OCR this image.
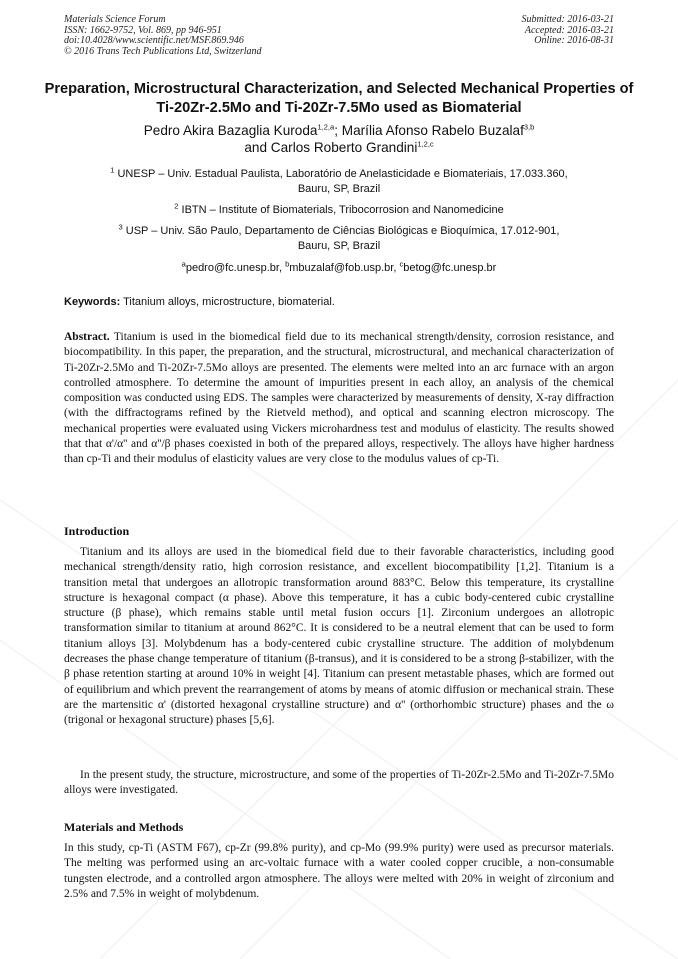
Materials Science Forum
ISSN: 1662-9752, Vol. 869, pp 946-951
doi:10.4028/www.scientific.net/MSF.869.946
© 2016 Trans Tech Publications Ltd, Switzerland
Submitted: 2016-03-21
Accepted: 2016-03-21
Online: 2016-08-31
Preparation, Microstructural Characterization, and Selected Mechanical Properties of Ti-20Zr-2.5Mo and Ti-20Zr-7.5Mo used as Biomaterial
Pedro Akira Bazaglia Kuroda$^{1,2,a}$; Marília Afonso Rabelo Buzalaf$^{3,b}$
and Carlos Roberto Grandini$^{1,2,c}$
$^1$ UNESP – Univ. Estadual Paulista, Laboratório de Anelasticidade e Biomateriais, 17.033.360,
Bauru, SP, Brazil
$^2$ IBTN – Institute of Biomaterials, Tribocorrosion and Nanomedicine
$^3$ USP – Univ. São Paulo, Departamento de Ciências Biológicas e Bioquímica, 17.012-901,
Bauru, SP, Brazil
$^a$pedro@fc.unesp.br, $^b$mbuzalaf@fob.usp.br, $^c$betog@fc.unesp.br
Keywords: Titanium alloys, microstructure, biomaterial.
Abstract. Titanium is used in the biomedical field due to its mechanical strength/density, corrosion resistance, and biocompatibility. In this paper, the preparation, and the structural, microstructural, and mechanical characterization of Ti-20Zr-2.5Mo and Ti-20Zr-7.5Mo alloys are presented. The elements were melted into an arc furnace with an argon controlled atmosphere. To determine the amount of impurities present in each alloy, an analysis of the chemical composition was conducted using EDS. The samples were characterized by measurements of density, X-ray diffraction (with the diffractograms refined by the Rietveld method), and optical and scanning electron microscopy. The mechanical properties were evaluated using Vickers microhardness test and modulus of elasticity. The results showed that that α'/α'' and α''/β phases coexisted in both of the prepared alloys, respectively. The alloys have higher hardness than cp-Ti and their modulus of elasticity values are very close to the modulus values of cp-Ti.
Introduction
Titanium and its alloys are used in the biomedical field due to their favorable characteristics, including good mechanical strength/density ratio, high corrosion resistance, and excellent biocompatibility [1,2]. Titanium is a transition metal that undergoes an allotropic transformation around 883°C. Below this temperature, its crystalline structure is hexagonal compact (α phase). Above this temperature, it has a cubic body-centered cubic crystalline structure (β phase), which remains stable until metal fusion occurs [1]. Zirconium undergoes an allotropic transformation similar to titanium at around 862°C. It is considered to be a neutral element that can be used to form titanium alloys [3]. Molybdenum has a body-centered cubic crystalline structure. The addition of molybdenum decreases the phase change temperature of titanium (β-transus), and it is considered to be a strong β-stabilizer, with the β phase retention starting at around 10% in weight [4]. Titanium can present metastable phases, which are formed out of equilibrium and which prevent the rearrangement of atoms by means of atomic diffusion or mechanical strain. These are the martensitic α' (distorted hexagonal crystalline structure) and α'' (orthorhombic structure) phases and the ω (trigonal or hexagonal structure) phases [5,6].
In the present study, the structure, microstructure, and some of the properties of Ti-20Zr-2.5Mo and Ti-20Zr-7.5Mo alloys were investigated.
Materials and Methods
In this study, cp-Ti (ASTM F67), cp-Zr (99.8% purity), and cp-Mo (99.9% purity) were used as precursor materials. The melting was performed using an arc-voltaic furnace with a water cooled copper crucible, a non-consumable tungsten electrode, and a controlled argon atmosphere. The alloys were melted with 20% in weight of zirconium and 2.5% and 7.5% in weight of molybdenum.
